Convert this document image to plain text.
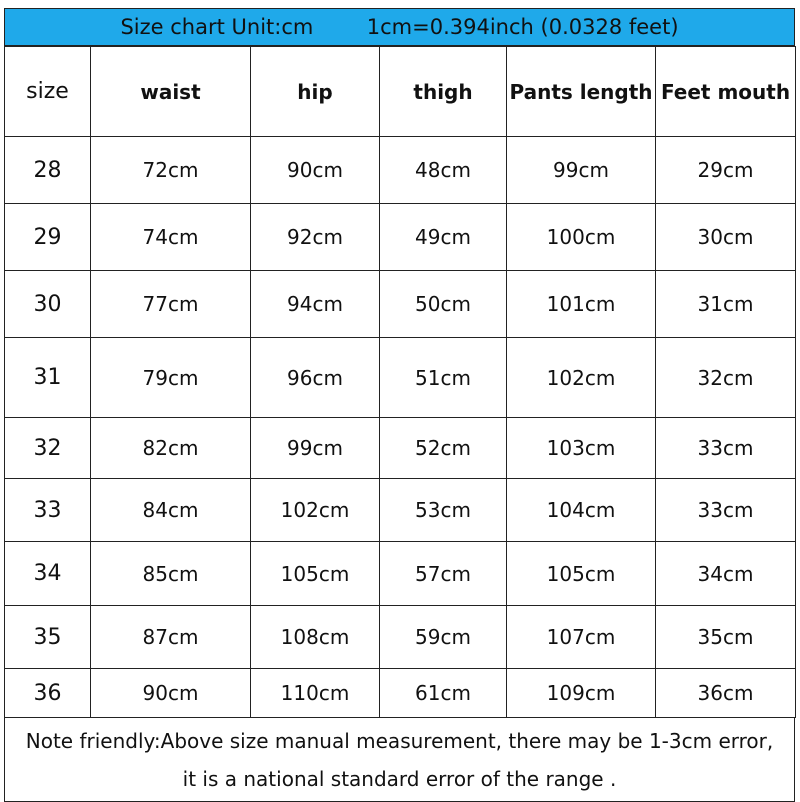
Size chart Unit:cm
	1cm=0.394inch (0.0328 feet)
size	waist	hip	thigh	Pants length	Feet mouth
28	72cm	90cm	48cm	99cm	29cm
29	74cm	92cm	49cm	100cm	30cm
30	77cm	94cm	50cm	101cm	31cm
31	79cm	96cm	51cm	102cm	32cm
32	82cm	99cm	52cm	103cm	33cm
33	84cm	102cm	53cm	104cm	33cm
34	85cm	105cm	57cm	105cm	34cm
35	87cm	108cm	59cm	107cm	35cm
36	90cm	110cm	61cm	109cm	36cm
Note friendly:Above size manual measurement, there may be 1-3cm error,
it is a national standard error of the range .
